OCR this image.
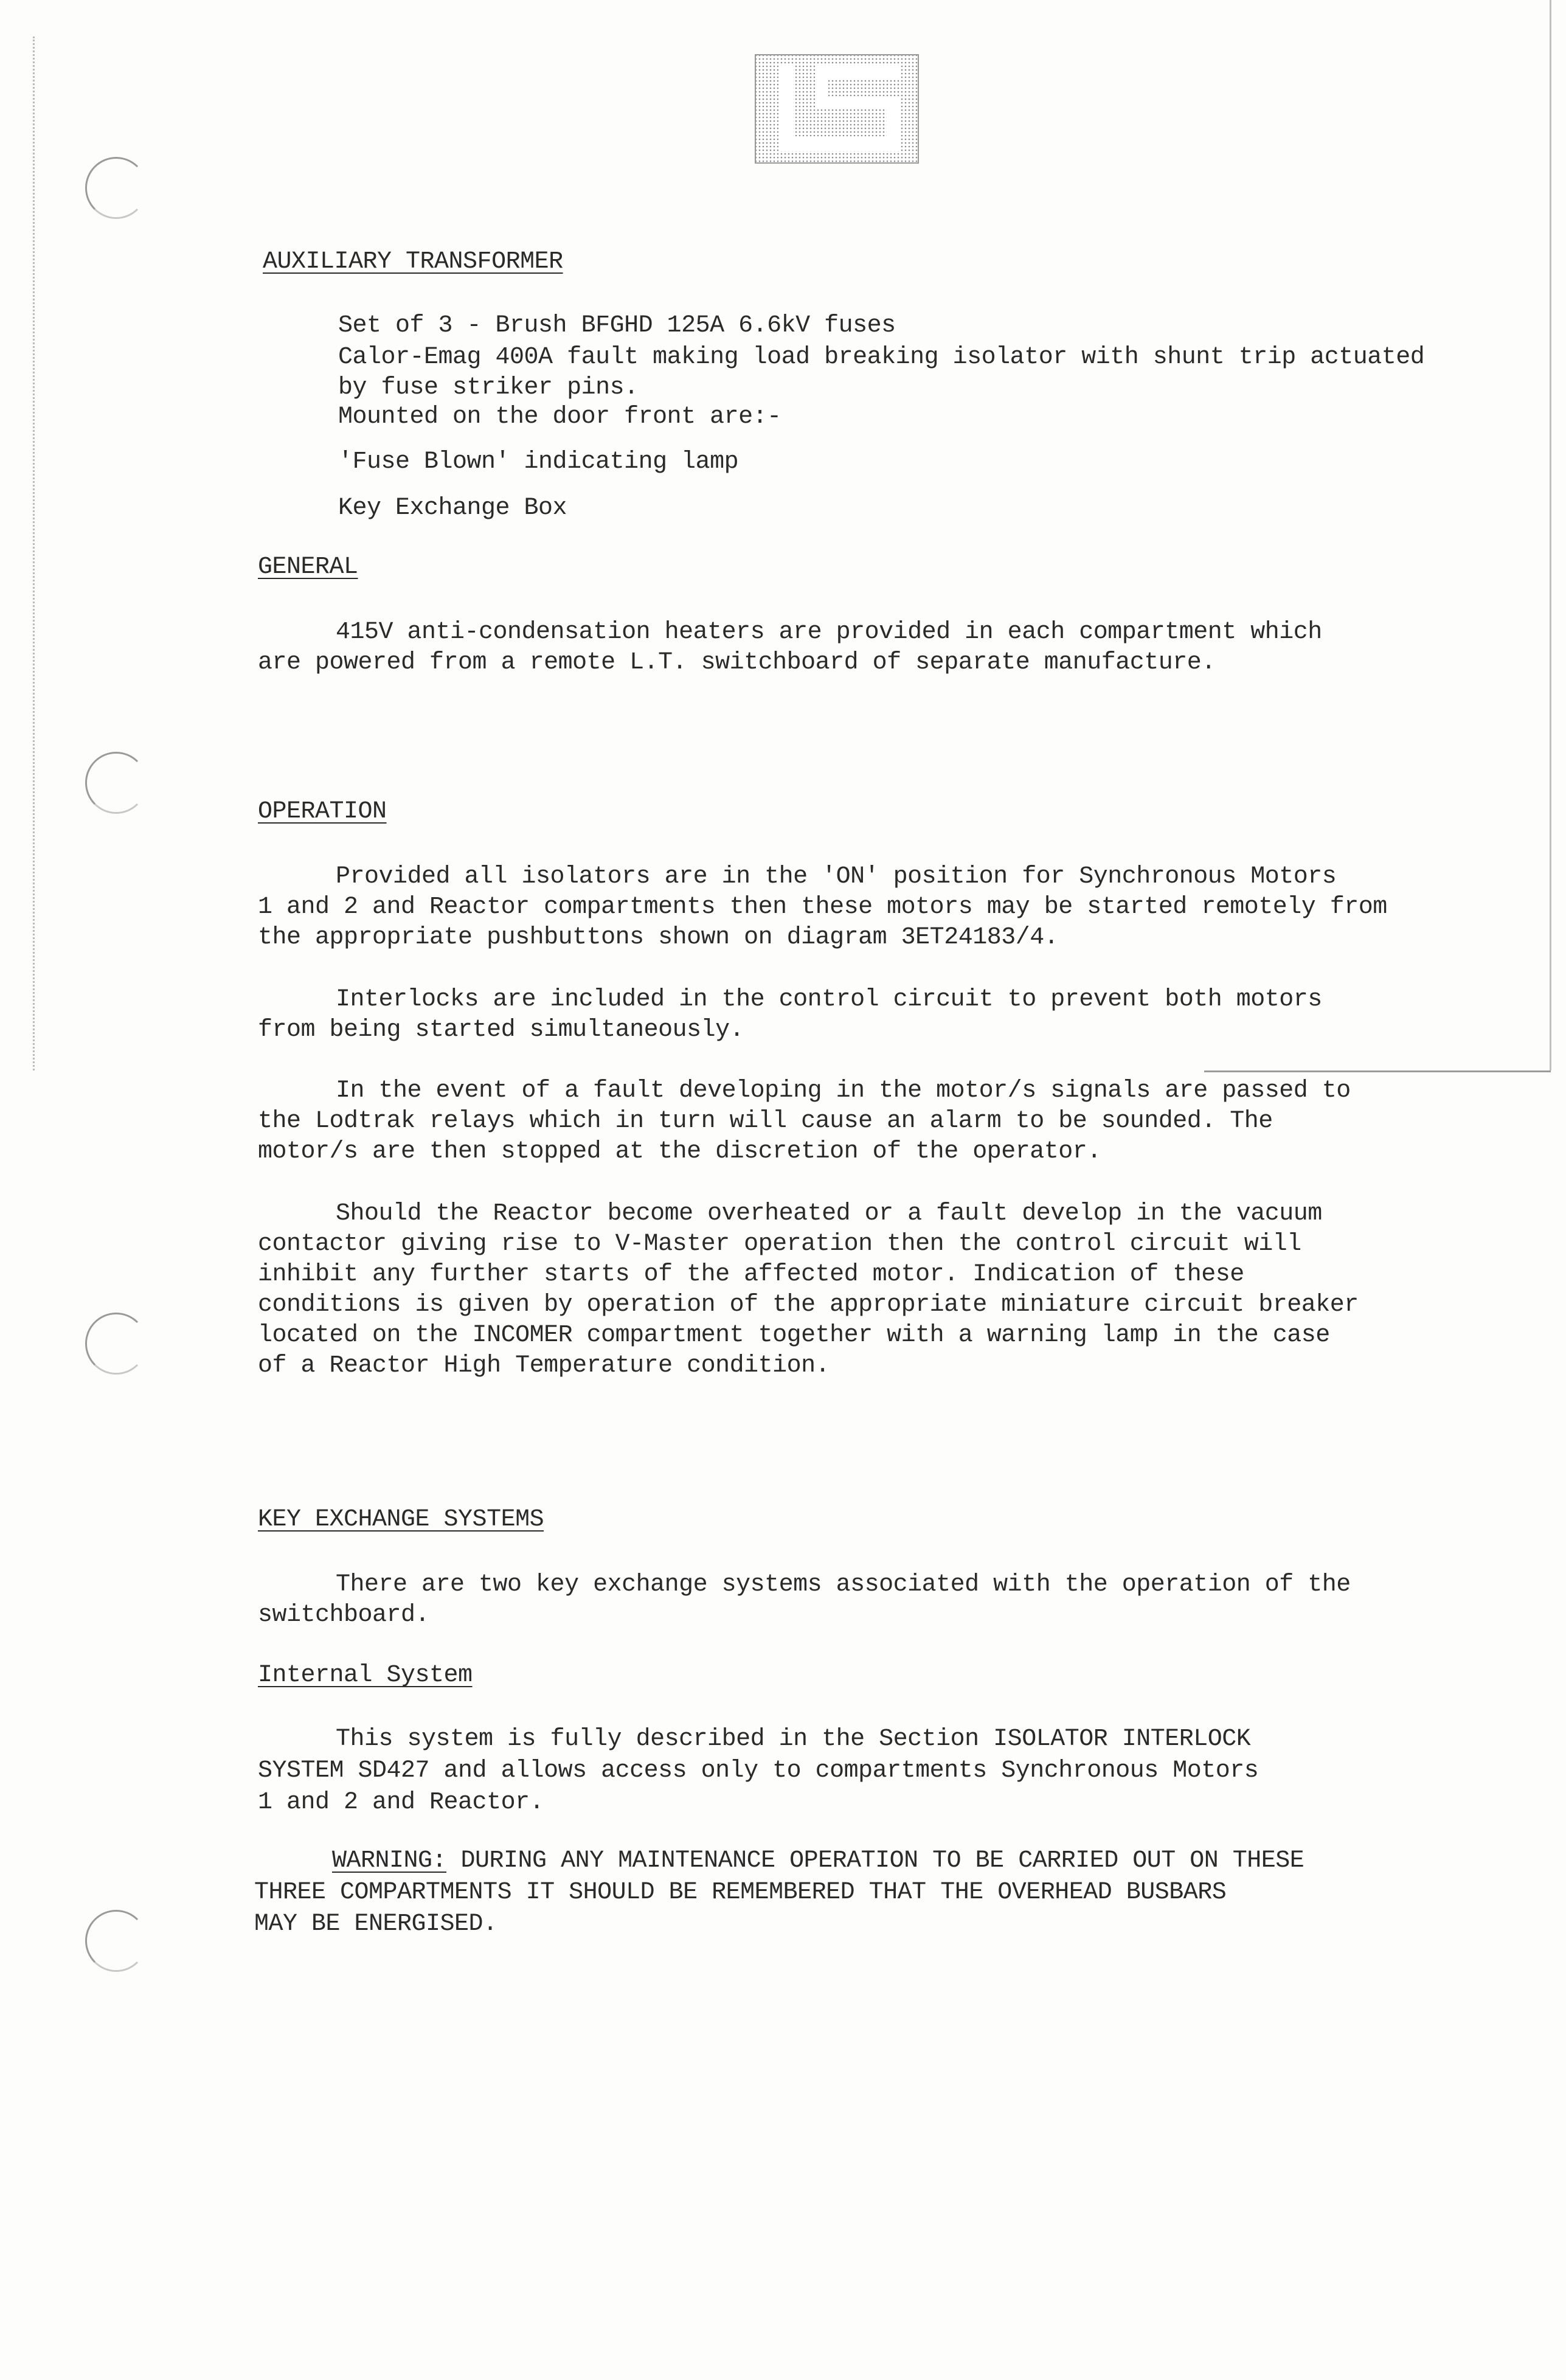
AUXILIARY TRANSFORMER
Set of 3 - Brush BFGHD 125A 6.6kV fuses
Calor-Emag 400A fault making load breaking isolator with shunt trip actuated
by fuse striker pins.
Mounted on the door front are:-
'Fuse Blown' indicating lamp
Key Exchange Box
GENERAL
415V anti-condensation heaters are provided in each compartment which
are powered from a remote L.T. switchboard of separate manufacture.
OPERATION
Provided all isolators are in the 'ON' position for Synchronous Motors
1 and 2 and Reactor compartments then these motors may be started remotely from
the appropriate pushbuttons shown on diagram 3ET24183/4.
Interlocks are included in the control circuit to prevent both motors
from being started simultaneously.
In the event of a fault developing in the motor/s signals are passed to
the Lodtrak relays which in turn will cause an alarm to be sounded. The
motor/s are then stopped at the discretion of the operator.
Should the Reactor become overheated or a fault develop in the vacuum
contactor giving rise to V-Master operation then the control circuit will
inhibit any further starts of the affected motor. Indication of these
conditions is given by operation of the appropriate miniature circuit breaker
located on the INCOMER compartment together with a warning lamp in the case
of a Reactor High Temperature condition.
KEY EXCHANGE SYSTEMS
There are two key exchange systems associated with the operation of the
switchboard.
Internal System
This system is fully described in the Section ISOLATOR INTERLOCK
SYSTEM SD427 and allows access only to compartments Synchronous Motors
1 and 2 and Reactor.
WARNING: DURING ANY MAINTENANCE OPERATION TO BE CARRIED OUT ON THESE
THREE COMPARTMENTS IT SHOULD BE REMEMBERED THAT THE OVERHEAD BUSBARS
MAY BE ENERGISED.
